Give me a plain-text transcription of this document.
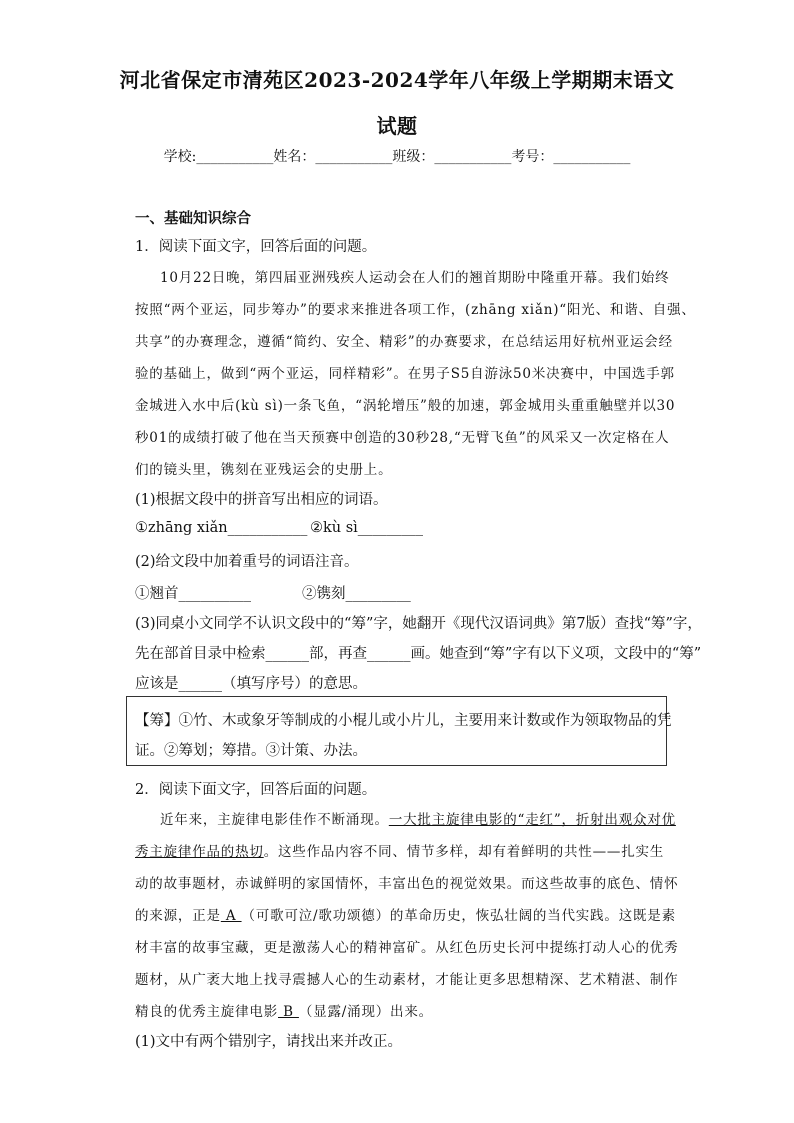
河北省保定市清苑区2023-2024学年八年级上学期期末语文
试题
学校:___________姓名：___________班级：___________考号：___________
一、基础知识综合
1．阅读下面文字，回答后面的问题。
10月22日晚，第四届亚洲残疾人运动会在人们的翘首期盼中隆重开幕。我们始终
按照“两个亚运，同步筹办”的要求来推进各项工作，(zhāng xiǎn)“阳光、和谐、自强、
共享”的办赛理念，遵循“简约、安全、精彩”的办赛要求，在总结运用好杭州亚运会经
验的基础上，做到“两个亚运，同样精彩”。在男子S5自游泳50米决赛中，中国选手郭
金城进入水中后(kù sì)一条飞鱼，“涡轮增压”般的加速，郭金城用头重重触壁并以30
秒01的成绩打破了他在当天预赛中创造的30秒28,“无臂飞鱼”的风采又一次定格在人
们的镜头里，镌刻在亚残运会的史册上。
(1)根据文段中的拼音写出相应的词语。
①zhāng xiǎn___________ ②kù sì_________
(2)给文段中加着重号的词语注音。
①翘首__________	②镌刻_________
(3)同桌小文同学不认识文段中的“筹”字，她翻开《现代汉语词典》第7版）查找“筹”字，
先在部首目录中检索______部，再查______画。她查到“筹”字有以下义项，文段中的“筹”
应该是______（填写序号）的意思。
【筹】①竹、木或象牙等制成的小棍儿或小片儿，主要用来计数或作为领取物品的凭
证。②筹划；筹措。③计策、办法。
2．阅读下面文字，回答后面的问题。
近年来，主旋律电影佳作不断涌现。一大批主旋律电影的“走红”，折射出观众对优
秀主旋律作品的热切。这些作品内容不同、情节多样，却有着鲜明的共性——扎实生
动的故事题材，赤诚鲜明的家国情怀，丰富出色的视觉效果。而这些故事的底色、情怀
的来源，正是 A （可歌可泣/歌功颂德）的革命历史，恢弘壮阔的当代实践。这既是素
材丰富的故事宝藏，更是激荡人心的精神富矿。从红色历史长河中提练打动人心的优秀
题材，从广袤大地上找寻震撼人心的生动素材，才能让更多思想精深、艺术精湛、制作
精良的优秀主旋律电影 B （显露/涌现）出来。
(1)文中有两个错别字，请找出来并改正。
